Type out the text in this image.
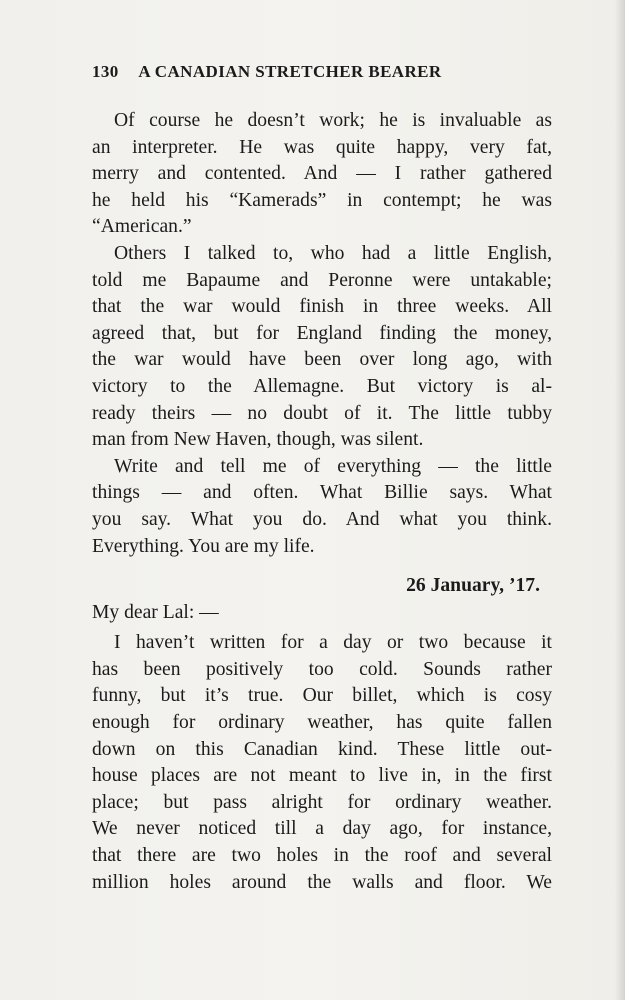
130 A CANADIAN STRETCHER BEARER
Of course he doesn’t work; he is invaluable as
an interpreter. He was quite happy, very fat,
merry and contented. And — I rather gathered
he held his “Kamerads” in contempt; he was
“American.”
Others I talked to, who had a little English,
told me Bapaume and Peronne were untakable;
that the war would finish in three weeks. All
agreed that, but for England finding the money,
the war would have been over long ago, with
victory to the Allemagne. But victory is al-
ready theirs — no doubt of it. The little tubby
man from New Haven, though, was silent.
Write and tell me of everything — the little
things — and often. What Billie says. What
you say. What you do. And what you think.
Everything. You are my life.
26 January, ’17.
My dear Lal: —
I haven’t written for a day or two because it
has been positively too cold. Sounds rather
funny, but it’s true. Our billet, which is cosy
enough for ordinary weather, has quite fallen
down on this Canadian kind. These little out-
house places are not meant to live in, in the first
place; but pass alright for ordinary weather.
We never noticed till a day ago, for instance,
that there are two holes in the roof and several
million holes around the walls and floor. We
